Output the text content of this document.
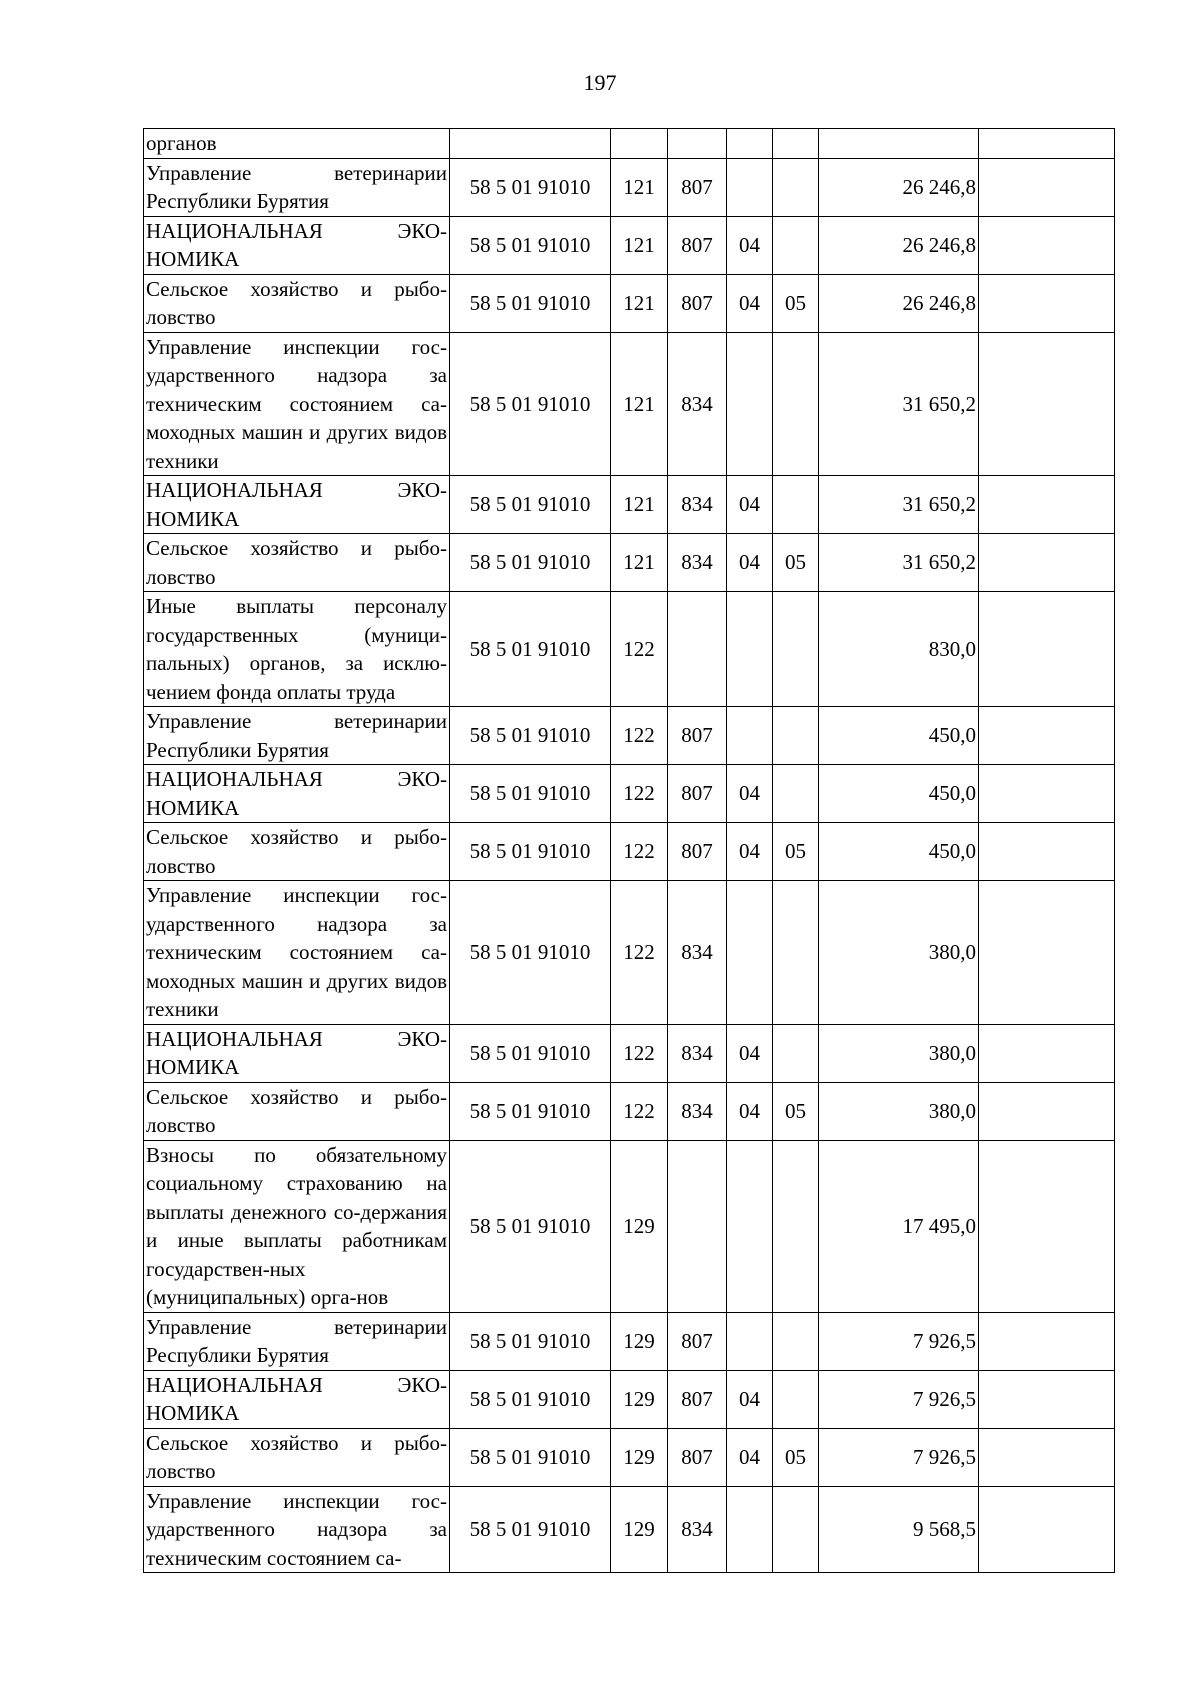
197
органов							
Управление ветеринарии Республики Бурятия	58 5 01 91010	121	807			26 246,8	
НАЦИОНАЛЬНАЯ ЭКО-НОМИКА	58 5 01 91010	121	807	04		26 246,8	
Сельское хозяйство и рыбо-ловство	58 5 01 91010	121	807	04	05	26 246,8	
Управление инспекции гос-ударственного надзора за техническим состоянием са-моходных машин и других видов техники	58 5 01 91010	121	834			31 650,2	
НАЦИОНАЛЬНАЯ ЭКО-НОМИКА	58 5 01 91010	121	834	04		31 650,2	
Сельское хозяйство и рыбо-ловство	58 5 01 91010	121	834	04	05	31 650,2	
Иные выплаты персоналу государственных (муници-пальных) органов, за исклю-чением фонда оплаты труда	58 5 01 91010	122				830,0	
Управление ветеринарии Республики Бурятия	58 5 01 91010	122	807			450,0	
НАЦИОНАЛЬНАЯ ЭКО-НОМИКА	58 5 01 91010	122	807	04		450,0	
Сельское хозяйство и рыбо-ловство	58 5 01 91010	122	807	04	05	450,0	
Управление инспекции гос-ударственного надзора за техническим состоянием са-моходных машин и других видов техники	58 5 01 91010	122	834			380,0	
НАЦИОНАЛЬНАЯ ЭКО-НОМИКА	58 5 01 91010	122	834	04		380,0	
Сельское хозяйство и рыбо-ловство	58 5 01 91010	122	834	04	05	380,0	
Взносы по обязательному социальному страхованию на выплаты денежного со-держания и иные выплаты работникам государствен-ных (муниципальных) орга-нов	58 5 01 91010	129				17 495,0	
Управление ветеринарии Республики Бурятия	58 5 01 91010	129	807			7 926,5	
НАЦИОНАЛЬНАЯ ЭКО-НОМИКА	58 5 01 91010	129	807	04		7 926,5	
Сельское хозяйство и рыбо-ловство	58 5 01 91010	129	807	04	05	7 926,5	
Управление инспекции гос-ударственного надзора за техническим состоянием са-	58 5 01 91010	129	834			9 568,5	
